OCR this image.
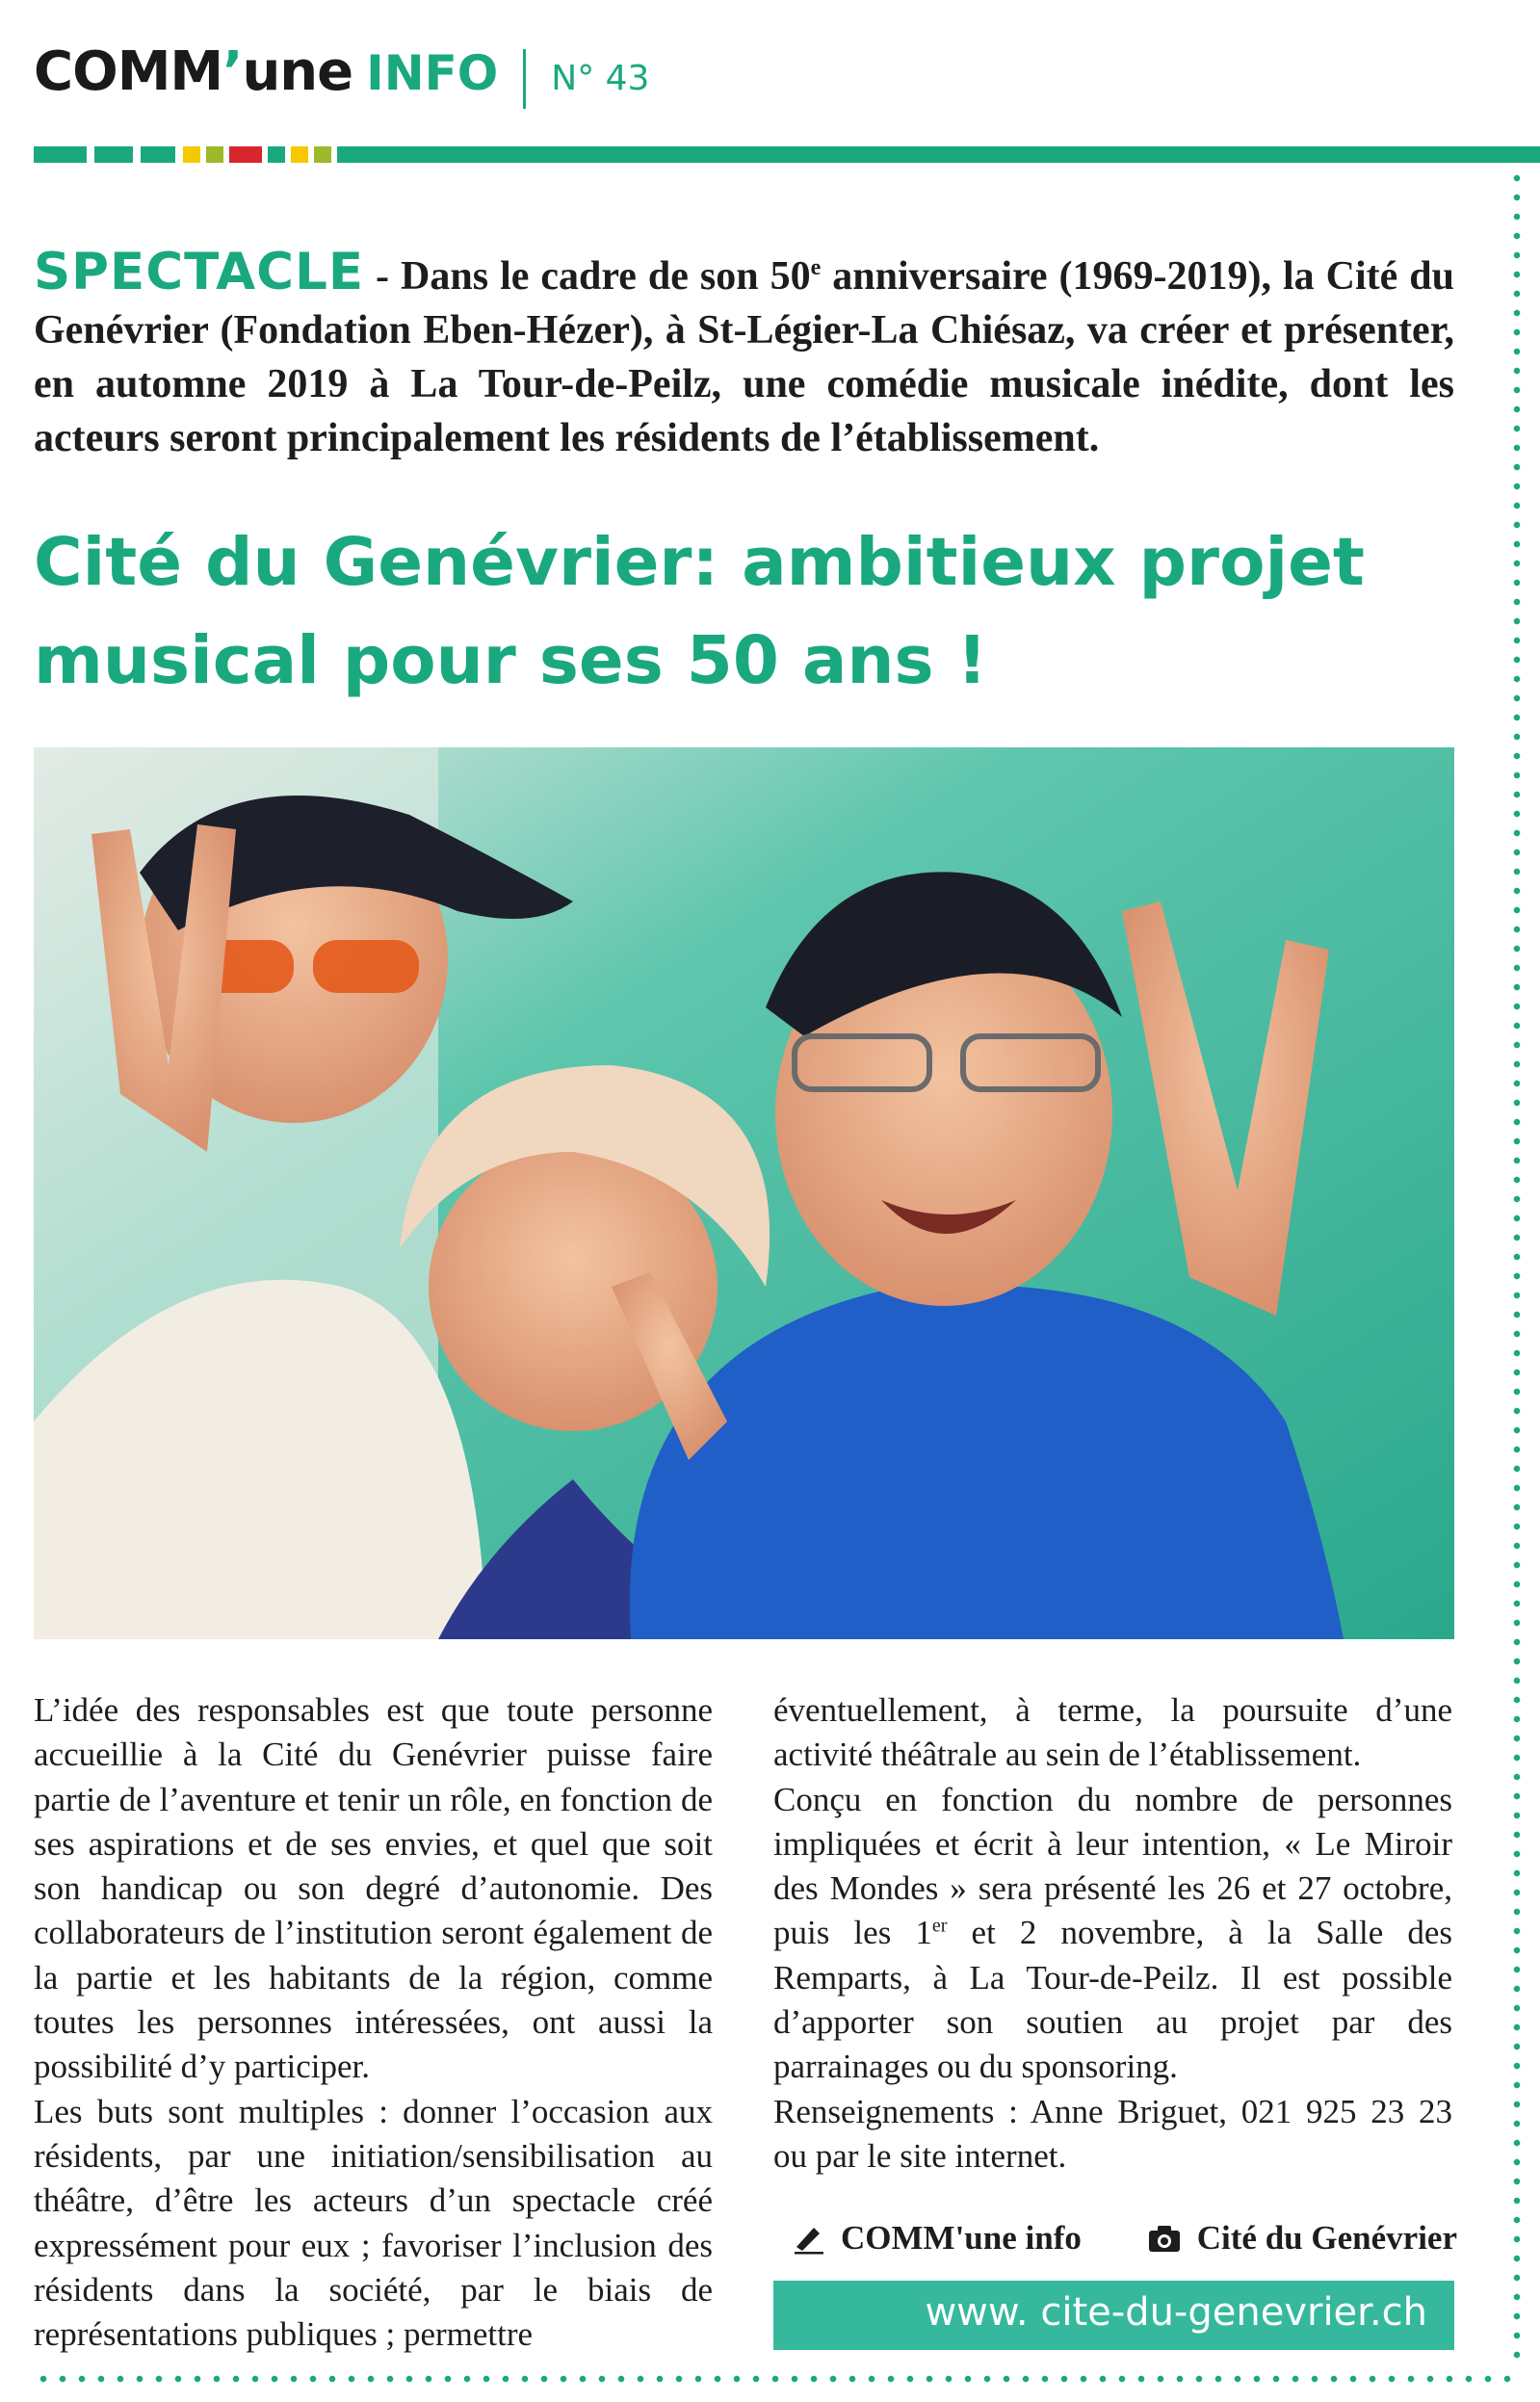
COMM’une INFO N° 43
SPECTACLE - Dans le cadre de son 50e anniversaire (1969-2019), la Cité du Genévrier (Fondation Eben-Hézer), à St-Légier-La Chiésaz, va créer et présenter, en automne 2019 à La Tour-de-Peilz, une comédie musicale inédite, dont les acteurs seront principalement les résidents de l’établissement.
Cité du Genévrier: ambitieux projet
musical pour ses 50 ans !

L’idée des responsables est que toute personne accueillie à la Cité du Genévrier puisse faire partie de l’aventure et tenir un rôle, en fonction de ses aspirations et de ses envies, et quel que soit son handicap ou son degré d’autonomie. Des collaborateurs de l’institution seront également de la partie et les habitants de la région, comme toutes les personnes intéressées, ont aussi la possibilité d’y participer.

Les buts sont multiples : donner l’occasion aux résidents, par une initiation/sensibilisation au théâtre, d’être les acteurs d’un spectacle créé expressément pour eux ; favoriser l’inclusion des résidents dans la société, par le biais de représentations publiques ; permettre

éventuellement, à terme, la poursuite d’une activité théâtrale au sein de l’établissement.

Conçu en fonction du nombre de personnes impliquées et écrit à leur intention, « Le Miroir des Mondes » sera présenté les 26 et 27 octobre, puis les 1er et 2 novembre, à la Salle des Remparts, à La Tour-de-Peilz. Il est possible d’apporter son soutien au projet par des parrainages ou du sponsoring.

Renseignements : Anne Briguet, 021 925 23 23 ou par le site internet.

COMM'une info	Cité du Genévrier
www. cite-du-genevrier.ch
